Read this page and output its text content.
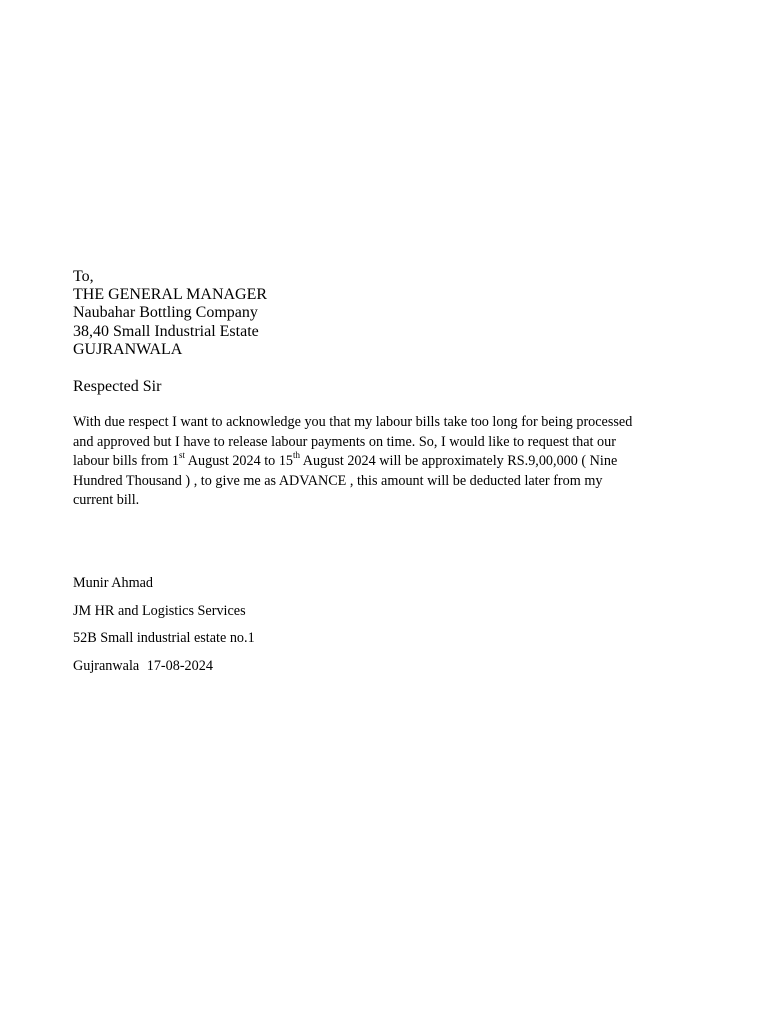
To,
THE GENERAL MANAGER
Naubahar Bottling Company
38,40 Small Industrial Estate
GUJRANWALA
Respected Sir
With due respect I want to acknowledge you that my labour bills take too long for being processed
and approved but I have to release labour payments on time. So, I would like to request that our
labour bills from 1st August 2024 to 15th August 2024 will be approximately RS.9,00,000 ( Nine
Hundred Thousand ) , to give me as ADVANCE , this amount will be deducted later from my
current bill.
Munir Ahmad
JM HR and Logistics Services
52B Small industrial estate no.1
Gujranwala 17-08-2024
